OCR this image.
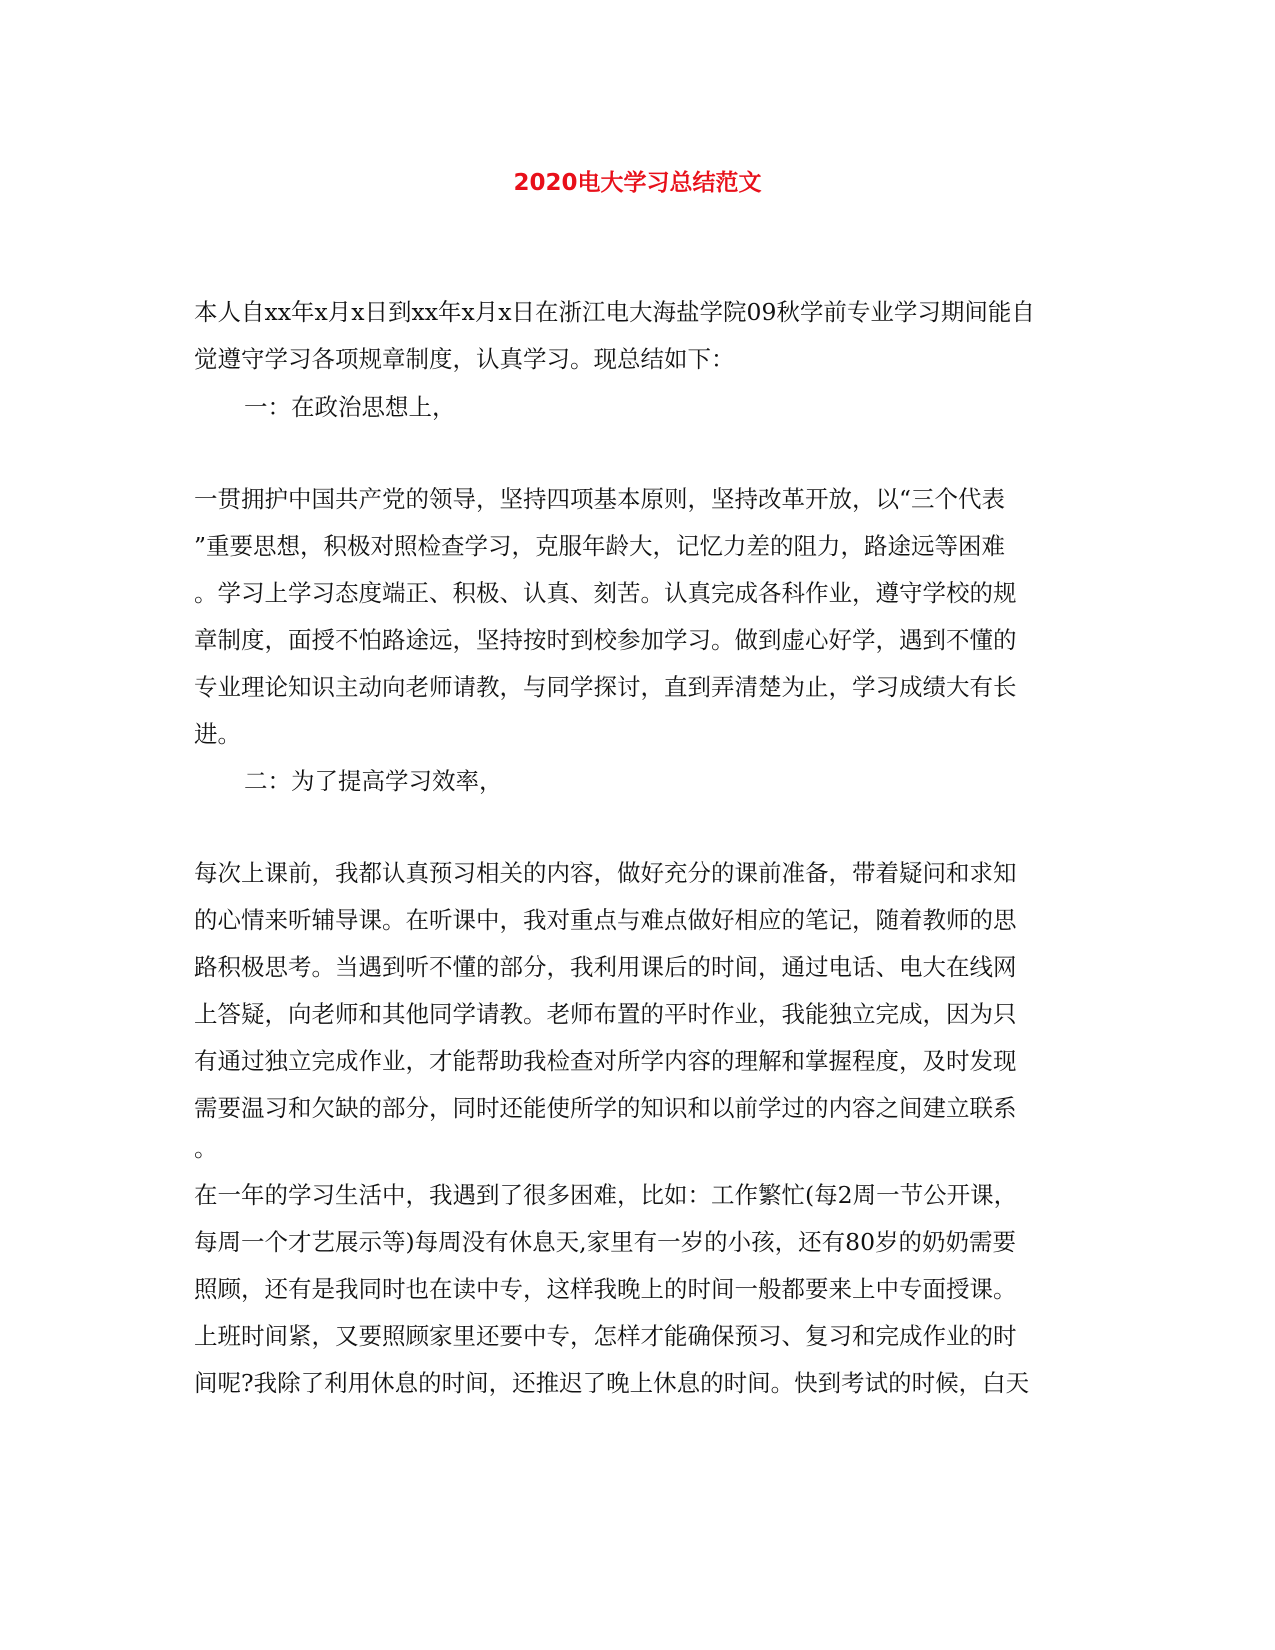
2020电大学习总结范文

本人自xx年x月x日到xx年x月x日在浙江电大海盐学院09秋学前专业学习期间能自

觉遵守学习各项规章制度，认真学习。现总结如下：

一：在政治思想上，

一贯拥护中国共产党的领导，坚持四项基本原则，坚持改革开放，以“三个代表

”重要思想，积极对照检查学习，克服年龄大，记忆力差的阻力，路途远等困难

。学习上学习态度端正、积极、认真、刻苦。认真完成各科作业，遵守学校的规

章制度，面授不怕路途远，坚持按时到校参加学习。做到虚心好学，遇到不懂的

专业理论知识主动向老师请教，与同学探讨，直到弄清楚为止，学习成绩大有长

进。

二：为了提高学习效率，

每次上课前，我都认真预习相关的内容，做好充分的课前准备，带着疑问和求知

的心情来听辅导课。在听课中，我对重点与难点做好相应的笔记，随着教师的思

路积极思考。当遇到听不懂的部分，我利用课后的时间，通过电话、电大在线网

上答疑，向老师和其他同学请教。老师布置的平时作业，我能独立完成，因为只

有通过独立完成作业，才能帮助我检查对所学内容的理解和掌握程度，及时发现

需要温习和欠缺的部分，同时还能使所学的知识和以前学过的内容之间建立联系

。

在一年的学习生活中，我遇到了很多困难，比如：工作繁忙(每2周一节公开课，

每周一个才艺展示等)每周没有休息天,家里有一岁的小孩，还有80岁的奶奶需要

照顾，还有是我同时也在读中专，这样我晚上的时间一般都要来上中专面授课。

上班时间紧，又要照顾家里还要中专，怎样才能确保预习、复习和完成作业的时

间呢?我除了利用休息的时间，还推迟了晚上休息的时间。快到考试的时候，白天
